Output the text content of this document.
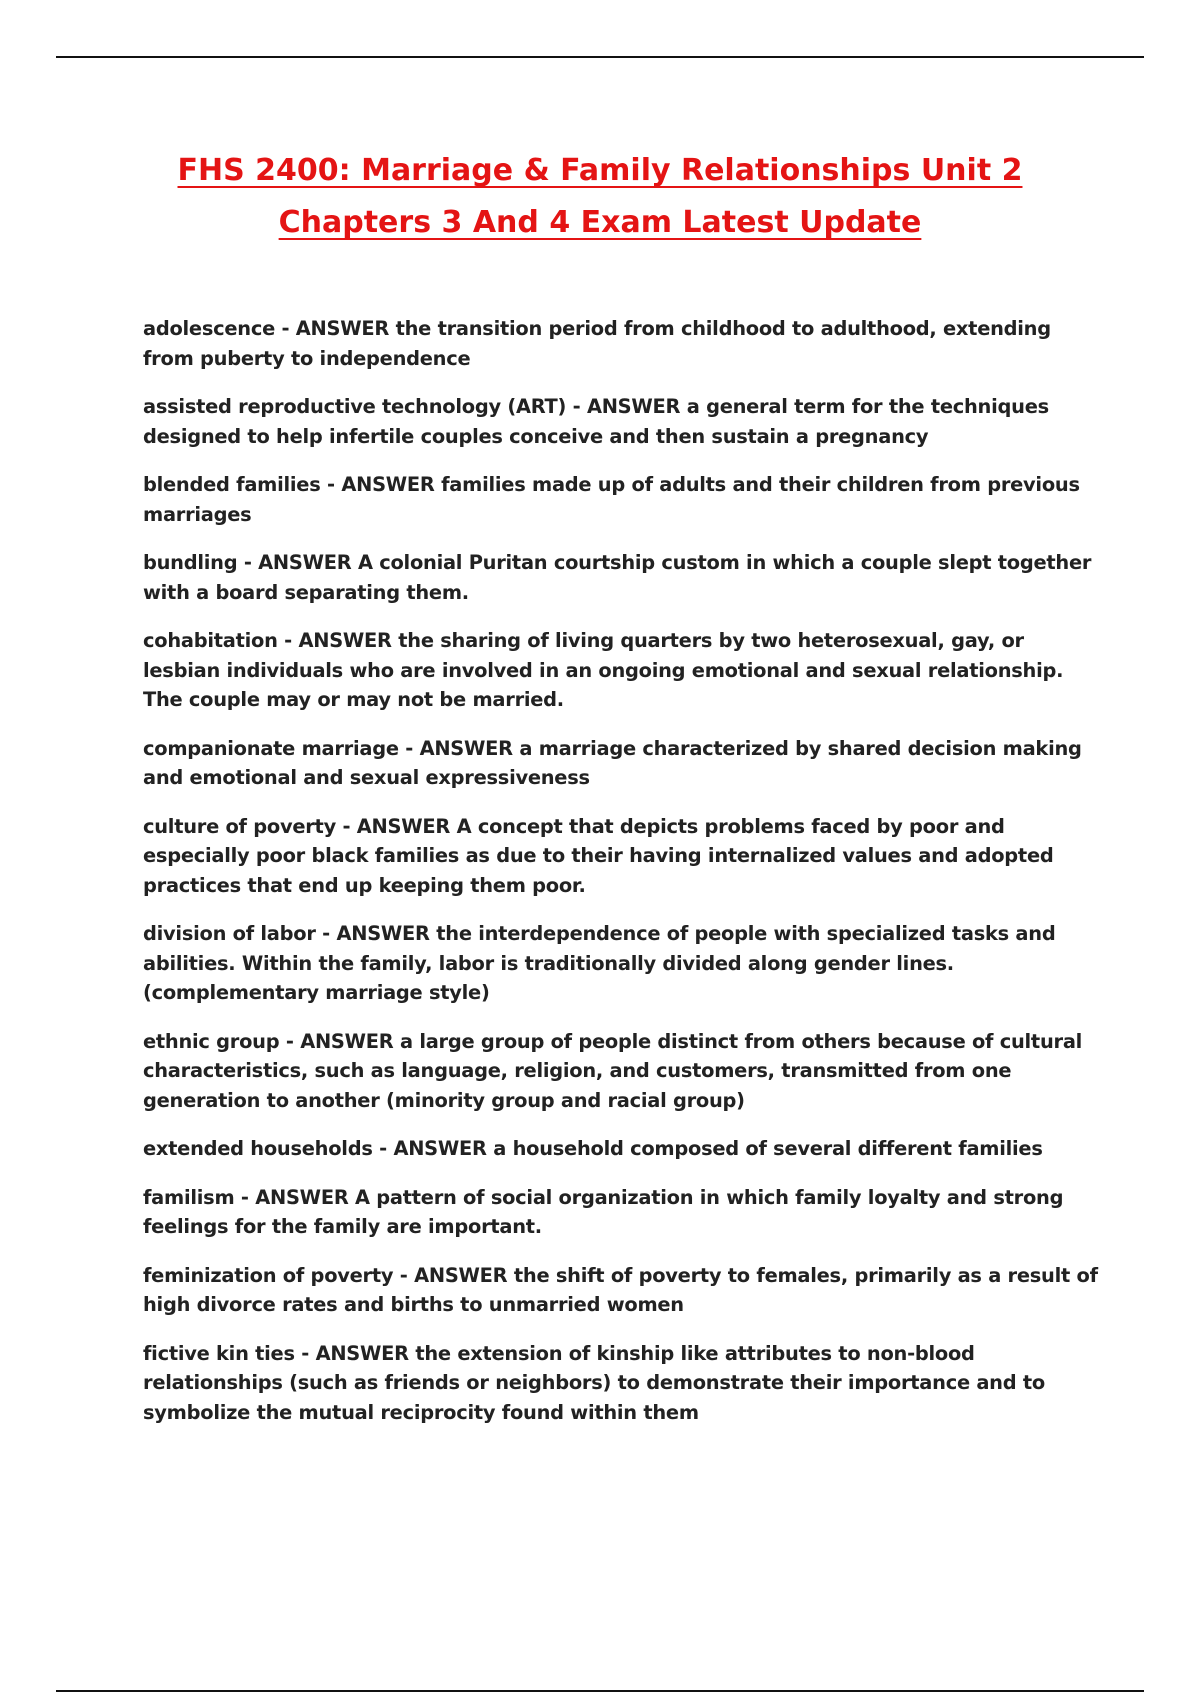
FHS 2400: Marriage & Family Relationships Unit 2
Chapters 3 And 4 Exam Latest Update

adolescence - ANSWER the transition period from childhood to adulthood, extending from puberty to independence

assisted reproductive technology (ART) - ANSWER a general term for the techniques designed to help infertile couples conceive and then sustain a pregnancy

blended families - ANSWER families made up of adults and their children from previous marriages

bundling - ANSWER A colonial Puritan courtship custom in which a couple slept together with a board separating them.

cohabitation - ANSWER the sharing of living quarters by two heterosexual, gay, or lesbian individuals who are involved in an ongoing emotional and sexual relationship. The couple may or may not be married.

companionate marriage - ANSWER a marriage characterized by shared decision making and emotional and sexual expressiveness

culture of poverty - ANSWER A concept that depicts problems faced by poor and especially poor black families as due to their having internalized values and adopted practices that end up keeping them poor.

division of labor - ANSWER the interdependence of people with specialized tasks and abilities. Within the family, labor is traditionally divided along gender lines. (complementary marriage style)

ethnic group - ANSWER a large group of people distinct from others because of cultural characteristics, such as language, religion, and customers, transmitted from one generation to another (minority group and racial group)

extended households - ANSWER a household composed of several different families

familism - ANSWER A pattern of social organization in which family loyalty and strong feelings for the family are important.

feminization of poverty - ANSWER the shift of poverty to females, primarily as a result of high divorce rates and births to unmarried women

fictive kin ties - ANSWER the extension of kinship like attributes to non-blood relationships (such as friends or neighbors) to demonstrate their importance and to symbolize the mutual reciprocity found within them
